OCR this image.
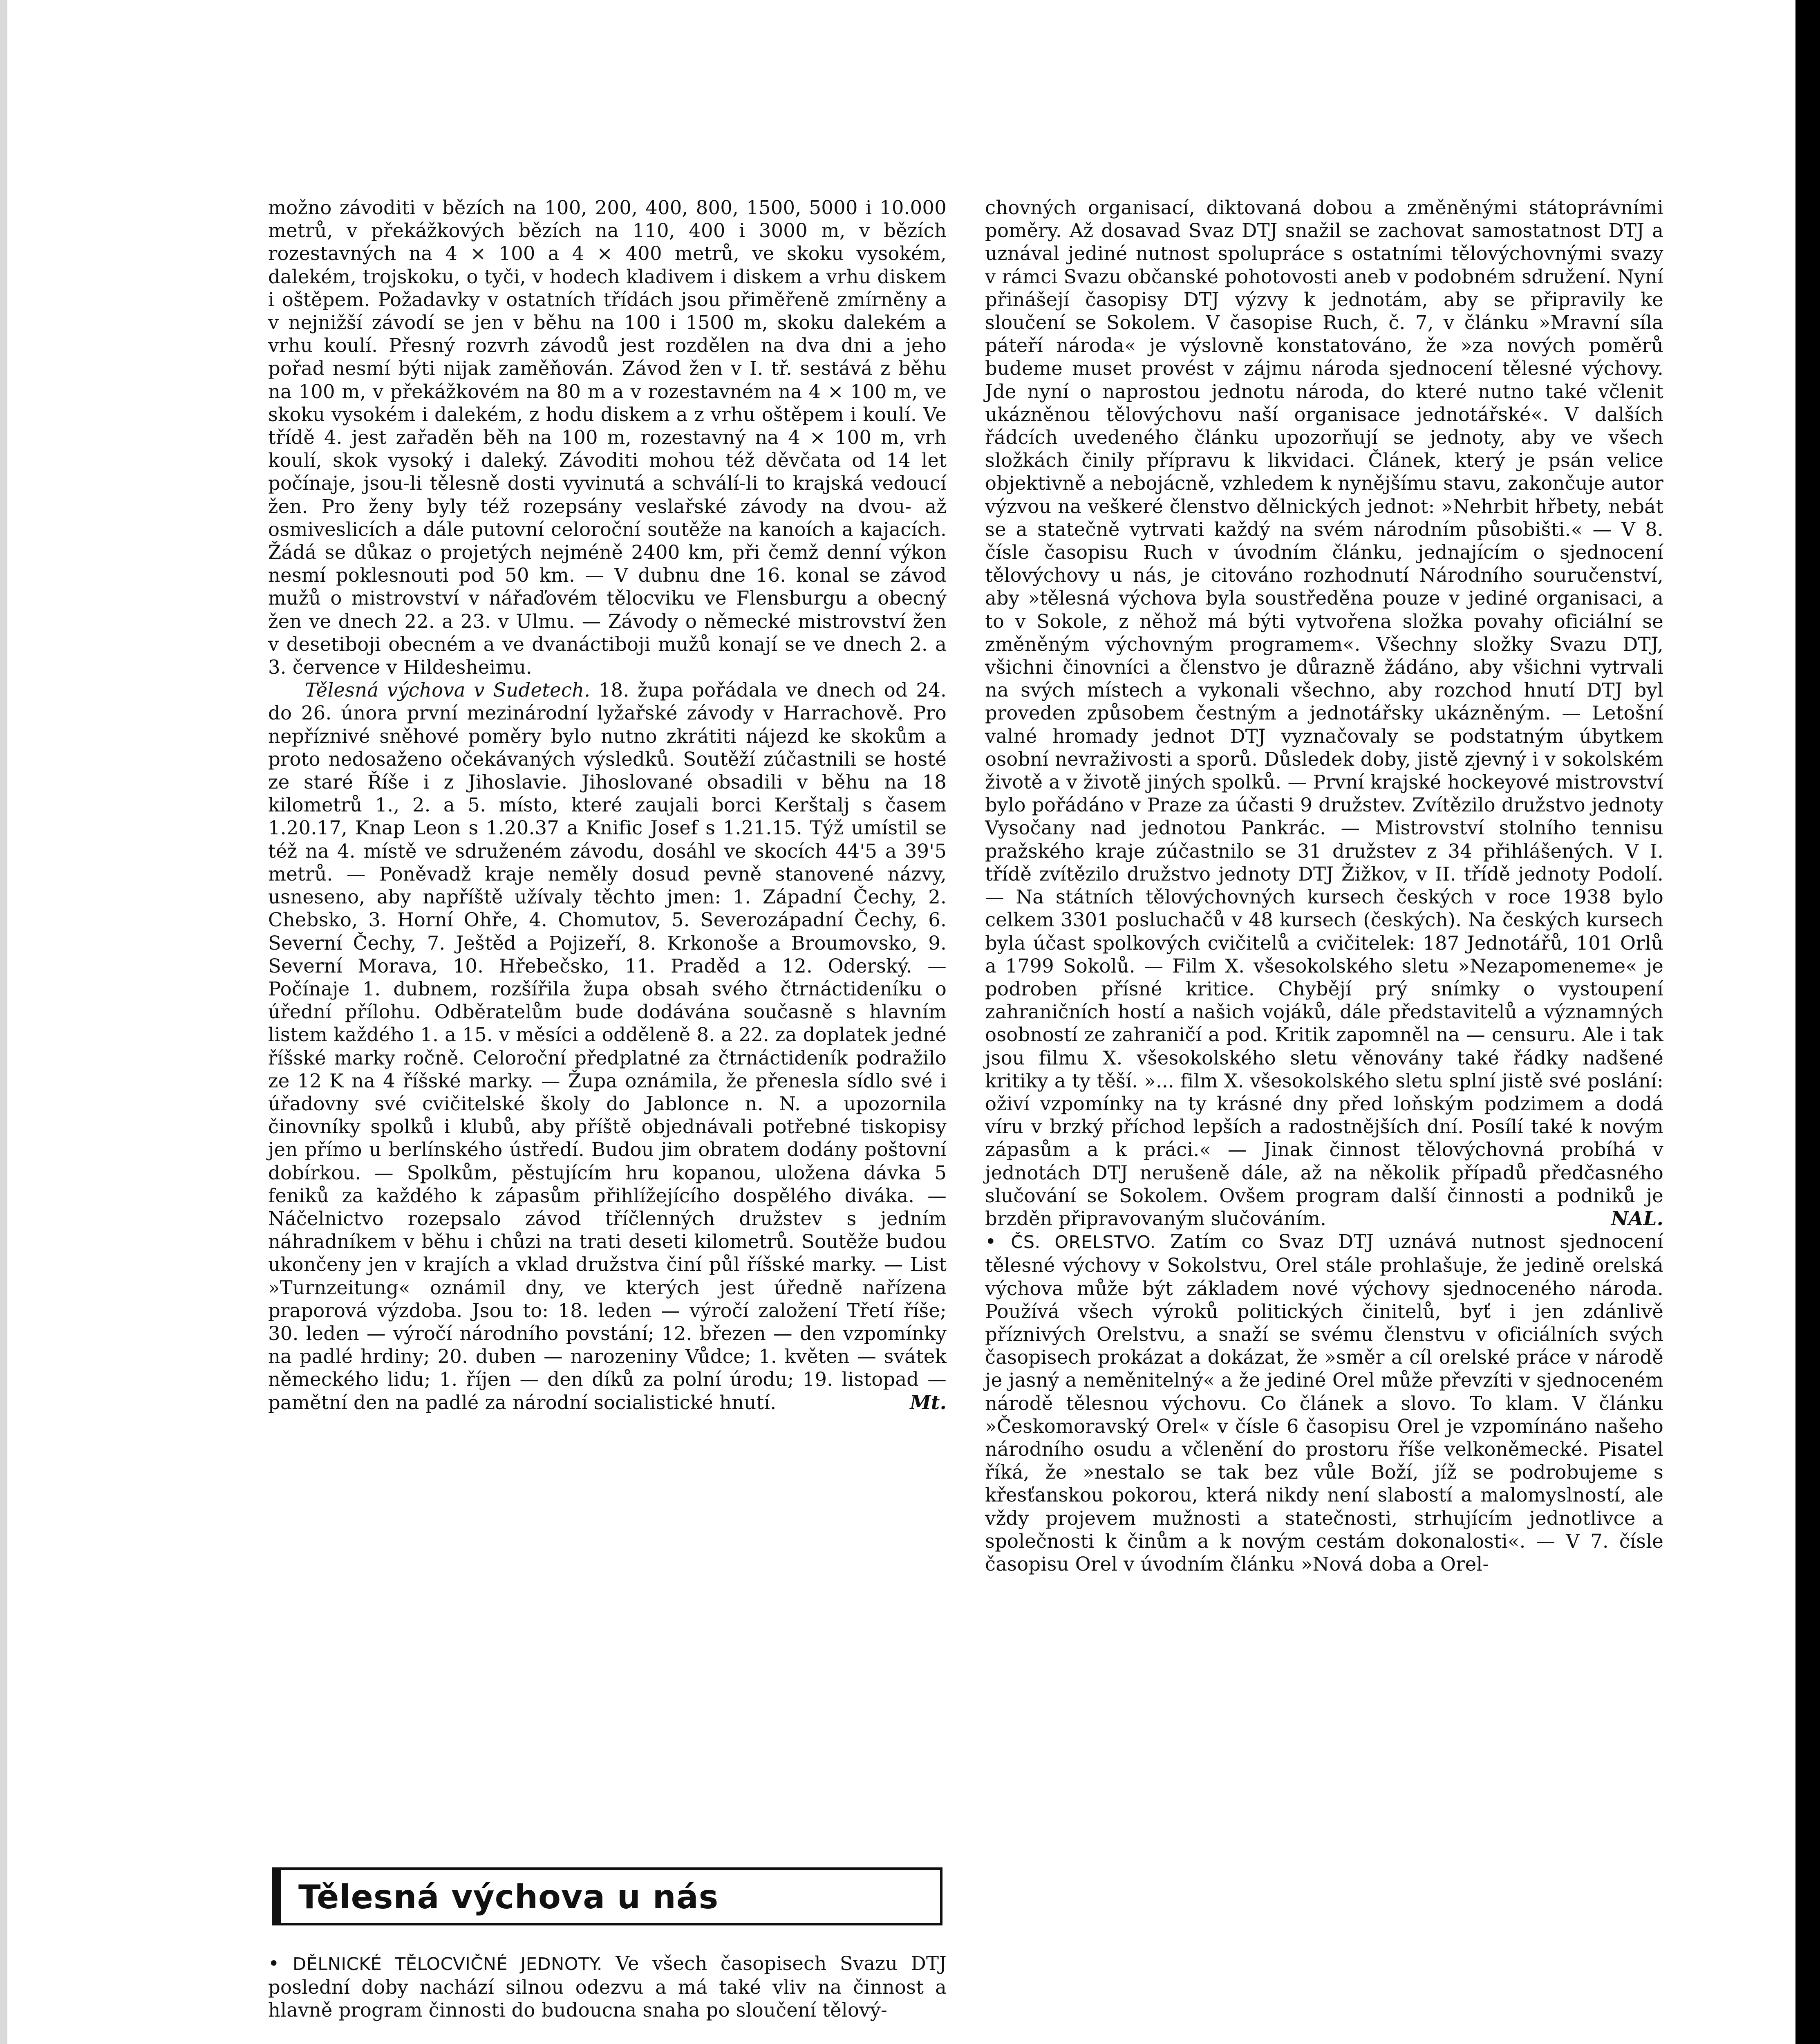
možno závoditi v bězích na 100, 200, 400, 800, 1500, 5000 i 10.000 metrů, v překážkových bězích na 110, 400 i 3000 m, v bězích rozestavných na 4 × 100 a 4 × 400 metrů, ve skoku vysokém, dalekém, trojskoku, o tyči, v hodech kladivem i diskem a vrhu diskem i oštěpem. Požadavky v ostatních třídách jsou přiměřeně zmírněny a v nejnižší závodí se jen v běhu na 100 i 1500 m, skoku dalekém a vrhu koulí. Přesný rozvrh závodů jest rozdělen na dva dni a jeho pořad nesmí býti nijak zaměňován. Závod žen v I. tř. sestává z běhu na 100 m, v překážkovém na 80 m a v rozestavném na 4 × 100 m, ve skoku vysokém i dalekém, z hodu diskem a z vrhu oštěpem i koulí. Ve třídě 4. jest zařaděn běh na 100 m, rozestavný na 4 × 100 m, vrh koulí, skok vysoký i daleký. Závoditi mohou též děvčata od 14 let počínaje, jsou-li tělesně dosti vyvinutá a schválí-li to krajská vedoucí žen. Pro ženy byly též rozepsány veslařské závody na dvou- až osmiveslicích a dále putovní celoroční soutěže na kanoích a kajacích. Žádá se důkaz o projetých nejméně 2400 km, při čemž denní výkon nesmí poklesnouti pod 50 km. — V dubnu dne 16. konal se závod mužů o mistrovství v nářaďovém tělocviku ve Flensburgu a obecný žen ve dnech 22. a 23. v Ulmu. — Závody o německé mistrovství žen v desetiboji obecném a ve dvanáctiboji mužů konají se ve dnech 2. a 3. července v Hildesheimu.

Tělesná výchova v Sudetech. 18. župa pořádala ve dnech od 24. do 26. února první mezinárodní lyžařské závody v Harrachově. Pro nepříznivé sněhové poměry bylo nutno zkrátiti nájezd ke skokům a proto nedosaženo očekávaných výsledků. Soutěží zúčastnili se hosté ze staré Říše i z Jihoslavie. Jihoslované obsadili v běhu na 18 kilometrů 1., 2. a 5. místo, které zaujali borci Kerštalj s časem 1.20.17, Knap Leon s 1.20.37 a Knific Josef s 1.21.15. Týž umístil se též na 4. místě ve sdruženém závodu, dosáhl ve skocích 44'5 a 39'5 metrů. — Poněvadž kraje neměly dosud pevně stanovené názvy, usneseno, aby napříště užívaly těchto jmen: 1. Západní Čechy, 2. Chebsko, 3. Horní Ohře, 4. Chomutov, 5. Severozápadní Čechy, 6. Severní Čechy, 7. Ještěd a Pojizeří, 8. Krkonoše a Broumovsko, 9. Severní Morava, 10. Hřebečsko, 11. Praděd a 12. Oderský. — Počínaje 1. dubnem, rozšířila župa obsah svého čtrnáctideníku o úřední přílohu. Odběratelům bude dodávána současně s hlavním listem každého 1. a 15. v měsíci a odděleně 8. a 22. za doplatek jedné říšské marky ročně. Celoroční předplatné za čtrnáctideník podražilo ze 12 K na 4 říšské marky. — Župa oznámila, že přenesla sídlo své i úřadovny své cvičitelské školy do Jablonce n. N. a upozornila činovníky spolků i klubů, aby příště objednávali potřebné tiskopisy jen přímo u berlínského ústředí. Budou jim obratem dodány poštovní dobírkou. — Spolkům, pěstujícím hru kopanou, uložena dávka 5 feniků za každého k zápasům přihlížejícího dospělého diváka. — Náčelnictvo rozepsalo závod tříčlenných družstev s jedním náhradníkem v běhu i chůzi na trati deseti kilometrů. Soutěže budou ukončeny jen v krajích a vklad družstva činí půl říšské marky. — List »Turnzeitung« oznámil dny, ve kterých jest úředně nařízena praporová výzdoba. Jsou to: 18. leden — výročí založení Třetí říše; 30. leden — výročí národního povstání; 12. březen — den vzpomínky na padlé hrdiny; 20. duben — narozeniny Vůdce; 1. květen — svátek německého lidu; 1. říjen — den díků za polní úrodu; 19. listopad — pamětní den na padlé za národní socialistické hnutí.	Mt.

Tělesná výchova u nás

• DĚLNICKÉ TĚLOCVIČNÉ JEDNOTY. Ve všech časopisech Svazu DTJ poslední doby nachází silnou odezvu a má také vliv na činnost a hlavně program činnosti do budoucna snaha po sloučení tělový-

chovných organisací, diktovaná dobou a změněnými státoprávními poměry. Až dosavad Svaz DTJ snažil se zachovat samostatnost DTJ a uznával jediné nutnost spolupráce s ostatními tělovýchovnými svazy v rámci Svazu občanské pohotovosti aneb v podobném sdružení. Nyní přinášejí časopisy DTJ výzvy k jednotám, aby se připravily ke sloučení se Sokolem. V časopise Ruch, č. 7, v článku »Mravní síla páteří národa« je výslovně konstatováno, že »za nových poměrů budeme muset provést v zájmu národa sjednocení tělesné výchovy. Jde nyní o naprostou jednotu národa, do které nutno také včlenit ukázněnou tělovýchovu naší organisace jednotářské«. V dalších řádcích uvedeného článku upozorňují se jednoty, aby ve všech složkách činily přípravu k likvidaci. Článek, který je psán velice objektivně a nebojácně, vzhledem k nynějšímu stavu, zakončuje autor výzvou na veškeré členstvo dělnických jednot: »Nehrbit hřbety, nebát se a statečně vytrvati každý na svém národním působišti.« — V 8. čísle časopisu Ruch v úvodním článku, jednajícím o sjednocení tělovýchovy u nás, je citováno rozhodnutí Národního souručenství, aby »tělesná výchova byla soustředěna pouze v jediné organisaci, a to v Sokole, z něhož má býti vytvořena složka povahy oficiální se změněným výchovným programem«. Všechny složky Svazu DTJ, všichni činovníci a členstvo je důrazně žádáno, aby všichni vytrvali na svých místech a vykonali všechno, aby rozchod hnutí DTJ byl proveden způsobem čestným a jednotářsky ukázněným. — Letošní valné hromady jednot DTJ vyznačovaly se podstatným úbytkem osobní nevraživosti a sporů. Důsledek doby, jistě zjevný i v sokolském životě a v životě jiných spolků. — První krajské hockeyové mistrovství bylo pořádáno v Praze za účasti 9 družstev. Zvítězilo družstvo jednoty Vysočany nad jednotou Pankrác. — Mistrovství stolního tennisu pražského kraje zúčastnilo se 31 družstev z 34 přihlášených. V I. třídě zvítězilo družstvo jednoty DTJ Žižkov, v II. třídě jednoty Podolí. — Na státních tělovýchovných kursech českých v roce 1938 bylo celkem 3301 posluchačů v 48 kursech (českých). Na českých kursech byla účast spolkových cvičitelů a cvičitelek: 187 Jednotářů, 101 Orlů a 1799 Sokolů. — Film X. všesokolského sletu »Nezapomeneme« je podroben přísné kritice. Chybějí prý snímky o vystoupení zahraničních hostí a našich vojáků, dále představitelů a významných osobností ze zahraničí a pod. Kritik zapomněl na — censuru. Ale i tak jsou filmu X. všesokolského sletu věnovány také řádky nadšené kritiky a ty těší. »... film X. všesokolského sletu splní jistě své poslání: oživí vzpomínky na ty krásné dny před loňským podzimem a dodá víru v brzký příchod lepších a radostnějších dní. Posílí také k novým zápasům a k práci.« — Jinak činnost tělovýchovná probíhá v jednotách DTJ nerušeně dále, až na několik případů předčasného slučování se Sokolem. Ovšem program další činnosti a podniků je brzděn připravovaným slučováním.	NAL.

• ČS. ORELSTVO. Zatím co Svaz DTJ uznává nutnost sjednocení tělesné výchovy v Sokolstvu, Orel stále prohlašuje, že jedině orelská výchova může být základem nové výchovy sjednoceného národa. Používá všech výroků politických činitelů, byť i jen zdánlivě příznivých Orelstvu, a snaží se svému členstvu v oficiálních svých časopisech prokázat a dokázat, že »směr a cíl orelské práce v národě je jasný a neměnitelný« a že jediné Orel může převzíti v sjednoceném národě tělesnou výchovu. Co článek a slovo. To klam. V článku »Českomoravský Orel« v čísle 6 časopisu Orel je vzpomínáno našeho národního osudu a včlenění do prostoru říše velkoněmecké. Pisatel říká, že »nestalo se tak bez vůle Boží, jíž se podrobujeme s křesťanskou pokorou, která nikdy není slabostí a malomyslností, ale vždy projevem mužnosti a statečnosti, strhujícím jednotlivce a společnosti k činům a k novým cestám dokonalosti«. — V 7. čísle časopisu Orel v úvodním článku »Nová doba a Orel-
